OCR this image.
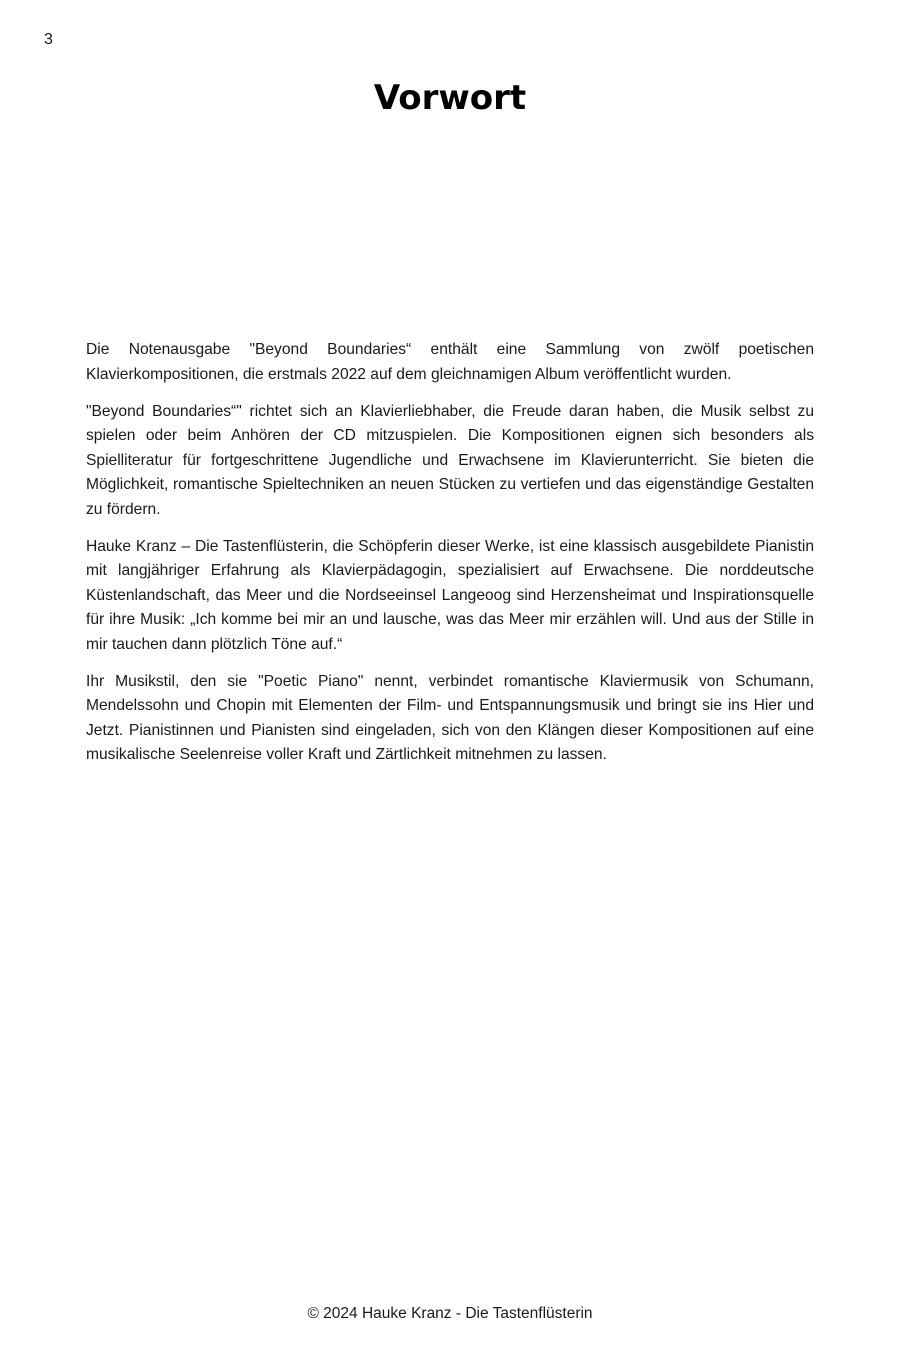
3
Vorwort

Die Notenausgabe "Beyond Boundaries“ enthält eine Sammlung von zwölf poetischen Klavierkompositionen, die erstmals 2022 auf dem gleichnamigen Album veröffentlicht wurden.

"Beyond Boundaries“" richtet sich an Klavierliebhaber, die Freude daran haben, die Musik selbst zu spielen oder beim Anhören der CD mitzuspielen. Die Kompositionen eignen sich besonders als Spielliteratur für fortgeschrittene Jugendliche und Erwachsene im Klavierunterricht. Sie bieten die Möglichkeit, romantische Spieltechniken an neuen Stücken zu vertiefen und das eigenständige Gestalten zu fördern.

Hauke Kranz – Die Tastenflüsterin, die Schöpferin dieser Werke, ist eine klassisch ausgebildete Pianistin mit langjähriger Erfahrung als Klavierpädagogin, spezialisiert auf Erwachsene. Die norddeutsche Küstenlandschaft, das Meer und die Nordseeinsel Langeoog sind Herzensheimat und Inspirationsquelle für ihre Musik: „Ich komme bei mir an und lausche, was das Meer mir erzählen will. Und aus der Stille in mir tauchen dann plötzlich Töne auf.“

Ihr Musikstil, den sie "Poetic Piano" nennt, verbindet romantische Klaviermusik von Schumann, Mendelssohn und Chopin mit Elementen der Film- und Entspannungsmusik und bringt sie ins Hier und Jetzt. Pianistinnen und Pianisten sind eingeladen, sich von den Klängen dieser Kompositionen auf eine musikalische Seelenreise voller Kraft und Zärtlichkeit mitnehmen zu lassen.

© 2024 Hauke Kranz - Die Tastenflüsterin
